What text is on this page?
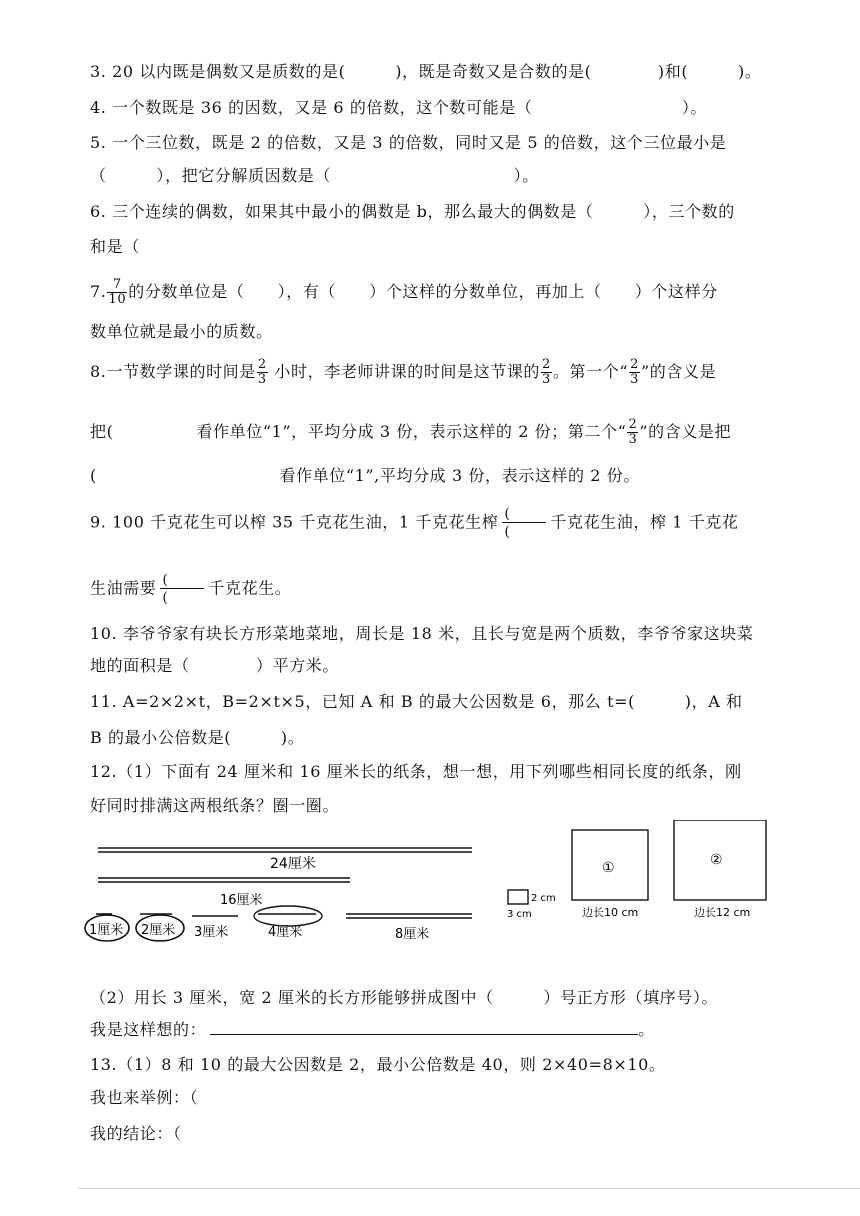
3. 20 以内既是偶数又是质数的是(　　　)，既是奇数又是合数的是(　　　　)和(　　　)。
4. 一个数既是 36 的因数，又是 6 的倍数，这个数可能是（　　　　　　　　　）。
5. 一个三位数，既是 2 的倍数，又是 3 的倍数，同时又是 5 的倍数，这个三位最小是
（　　　），把它分解质因数是（　　　　　　　　　　　）。
6. 三个连续的偶数，如果其中最小的偶数是 b，那么最大的偶数是（　　　），三个数的
和是（
7. $\frac{7}{10}$ 的分数单位是（　　），有（　　）个这样的分数单位，再加上（　　）个这样分
数单位就是最小的质数。
8.一节数学课的时间是 $\frac{2}{3}$ 小时，李老师讲课的时间是这节课的 $\frac{2}{3}$ 。第一个“ $\frac{2}{3}$ ”的含义是
把(　　　　　看作单位“1”，平均分成 3 份，表示这样的 2 份；第二个“ $\frac{2}{3}$ ”的含义是把
(　　　　　　　　　　　看作单位“1”,平均分成 3 份，表示这样的 2 份。
9. 100 千克花生可以榨 35 千克花生油，1 千克花生榨 (
(
千克花生油，榨 1 千克花
生油需要 (
(
千克花生。
10. 李爷爷家有块长方形菜地菜地，周长是 18 米，且长与宽是两个质数，李爷爷家这块菜
地的面积是（　　　　）平方米。
11. A=2×2×t，B=2×t×5，已知 A 和 B 的最大公因数是 6，那么 t=(　　　)，A 和
B 的最小公倍数是(　　　)。
12.（1）下面有 24 厘米和 16 厘米长的纸条，想一想，用下列哪些相同长度的纸条，刚
好同时排满这两根纸条？圈一圈。
24厘米
16厘米
1厘米 2厘米 3厘米	4厘米	8厘米
2 cm
3 cm
①
边长10 cm
②
边长12 cm
（2）用长 3 厘米，宽 2 厘米的长方形能够拼成图中（　　　）号正方形（填序号）。
我是这样想的：	。
13.（1）8 和 10 的最大公因数是 2，最小公倍数是 40，则 2×40=8×10。
我也来举例：（
我的结论：（
